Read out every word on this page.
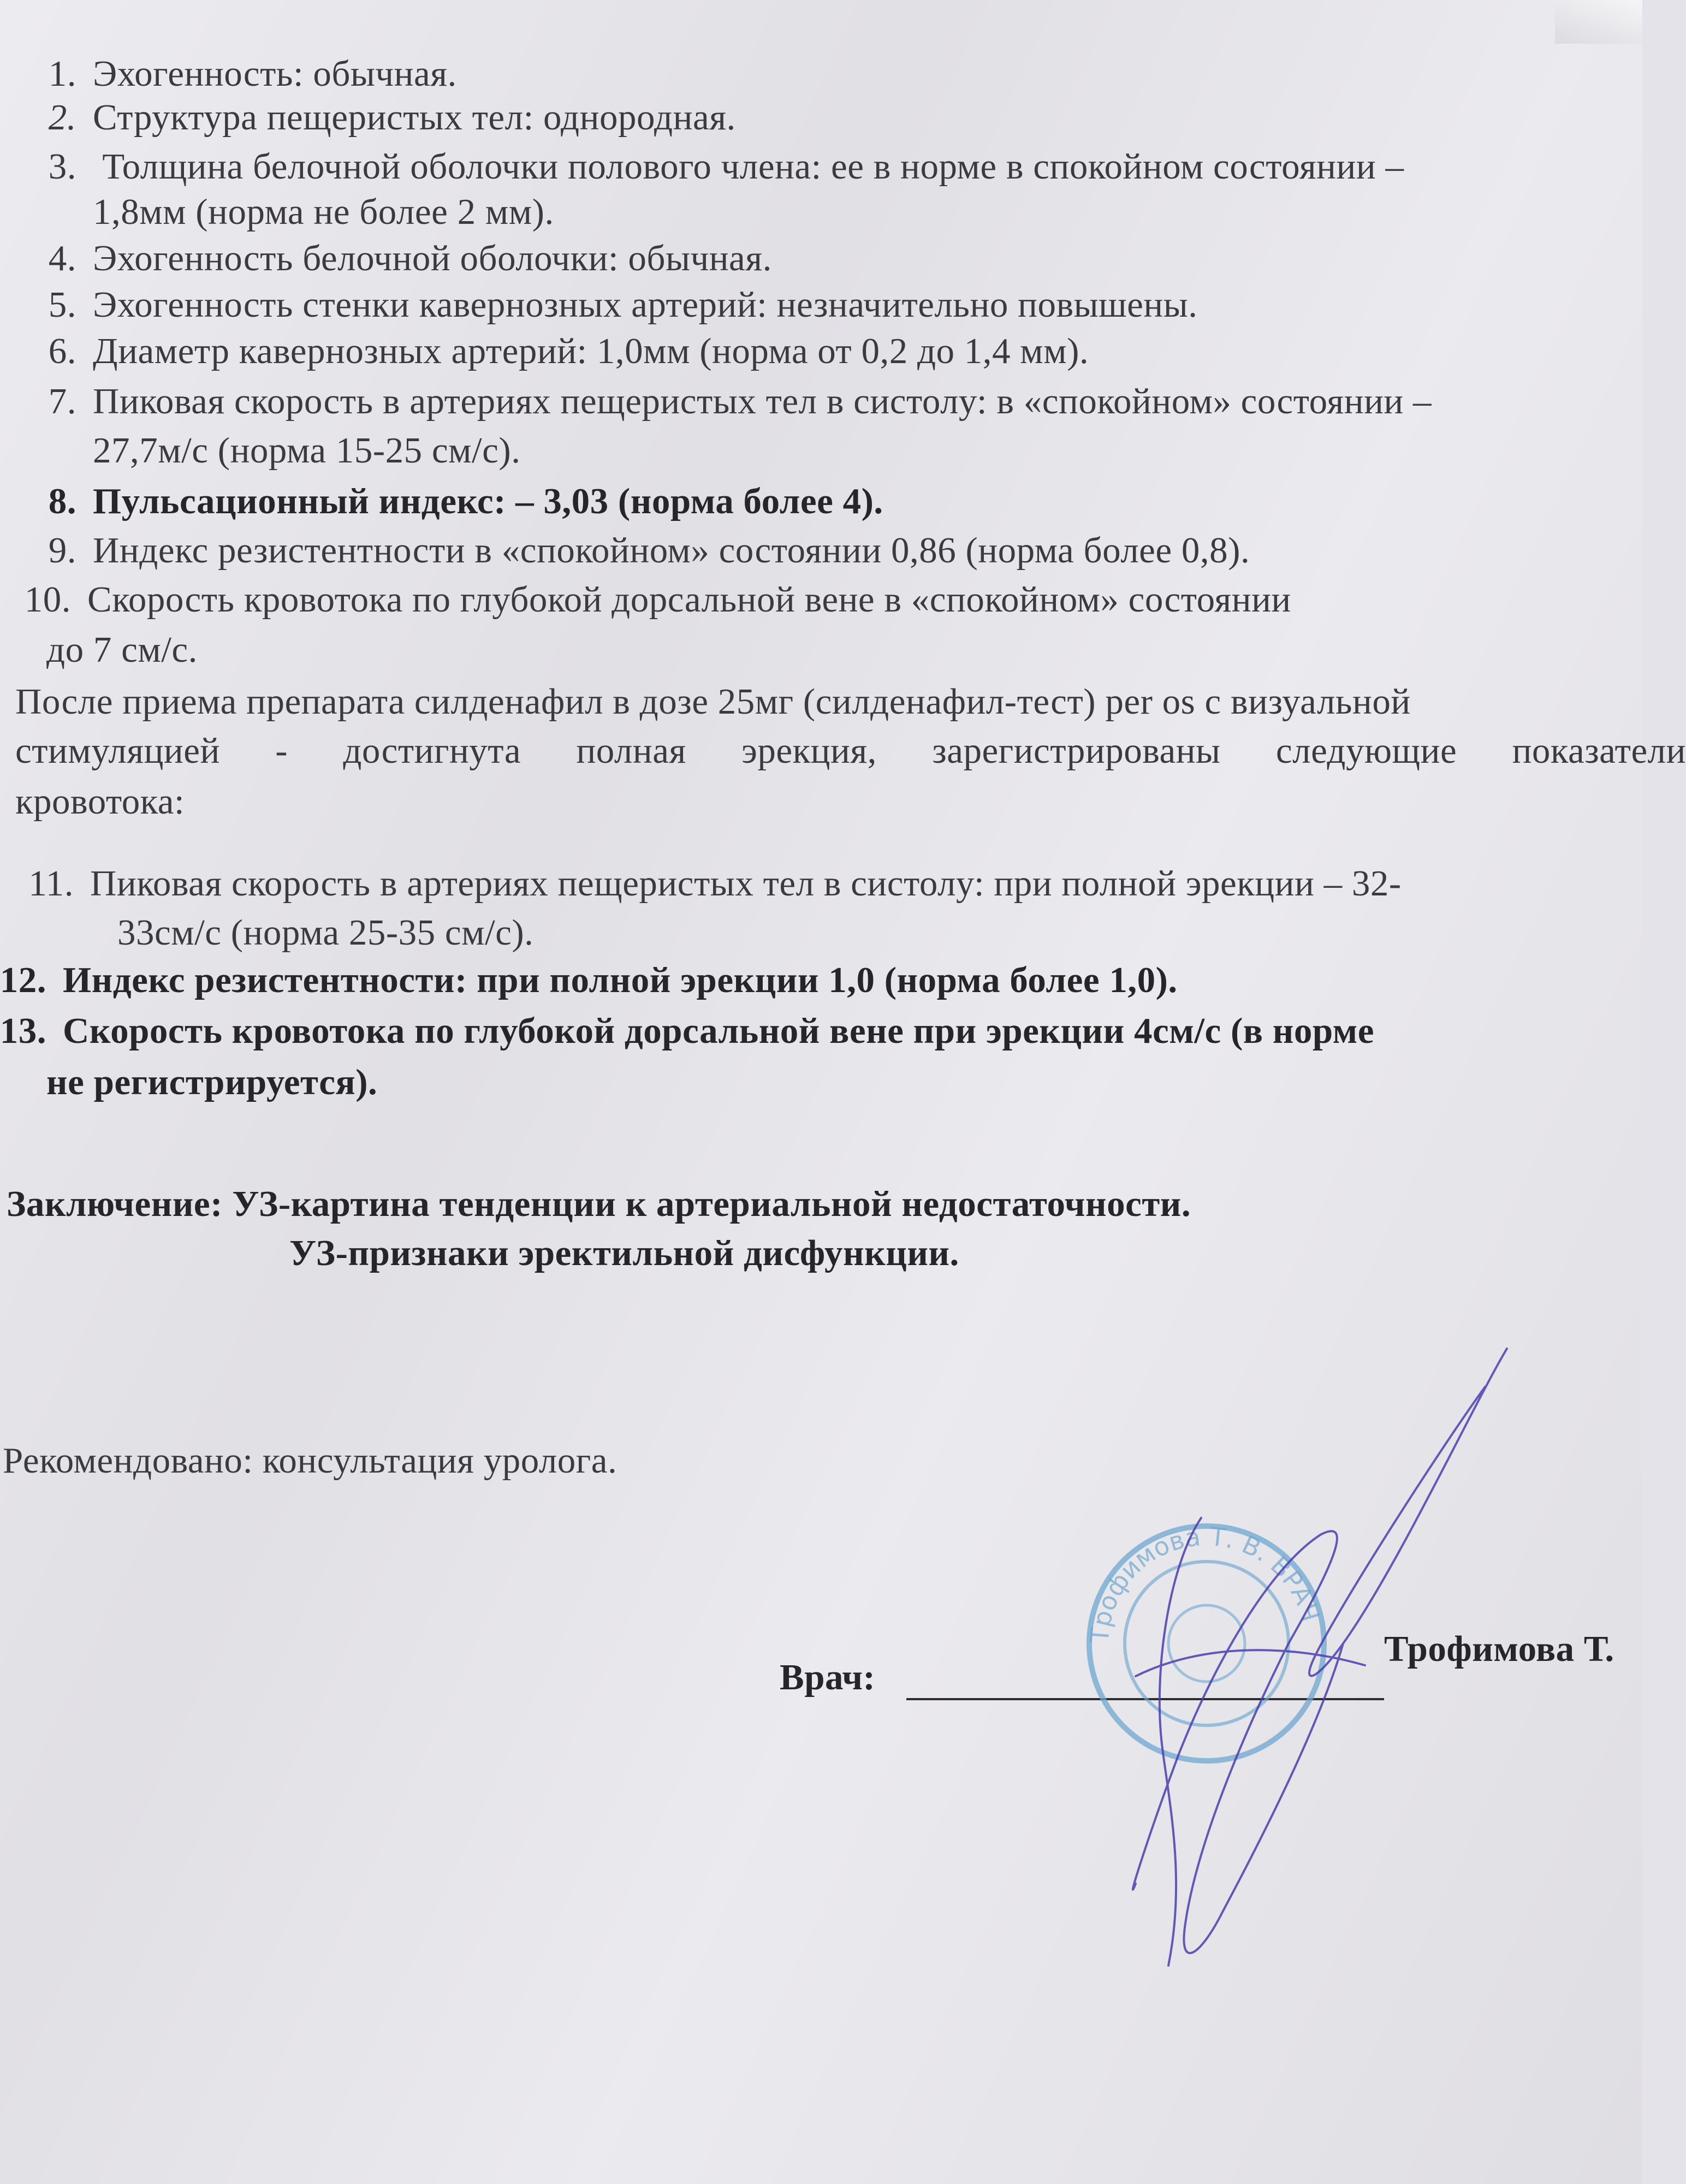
1. Эхогенность: обычная.
2. Структура пещеристых тел: однородная.
3. Толщина белочной оболочки полового члена: ее в норме в спокойном состоянии –
1,8мм (норма не более 2 мм).
4. Эхогенность белочной оболочки: обычная.
5. Эхогенность стенки кавернозных артерий: незначительно повышены.
6. Диаметр кавернозных артерий: 1,0мм (норма от 0,2 до 1,4 мм).
7. Пиковая скорость в артериях пещеристых тел в систолу: в «спокойном» состоянии –
27,7м/с (норма 15-25 см/с).
8. Пульсационный индекс: – 3,03 (норма более 4).
9. Индекс резистентности в «спокойном» состоянии 0,86 (норма более 0,8).
10. Скорость кровотока по глубокой дорсальной вене в «спокойном» состоянии
до 7 см/с.
После приема препарата силденафил в дозе 25мг (силденафил-тест) per os с визуальной
стимуляцией - достигнута полная эрекция, зарегистрированы следующие показатели
кровотока:
11. Пиковая скорость в артериях пещеристых тел в систолу: при полной эрекции – 32-
33см/с (норма 25-35 см/с).
12. Индекс резистентности: при полной эрекции 1,0 (норма более 1,0).
13. Скорость кровотока по глубокой дорсальной вене при эрекции 4см/с (в норме
не регистрируется).
Заключение: УЗ-картина тенденции к артериальной недостаточности.
УЗ-признаки эректильной дисфункции.
Рекомендовано: консультация уролога.
Врач:
Трофимова Т.
Трофимова Т. В. ВРАЧ
